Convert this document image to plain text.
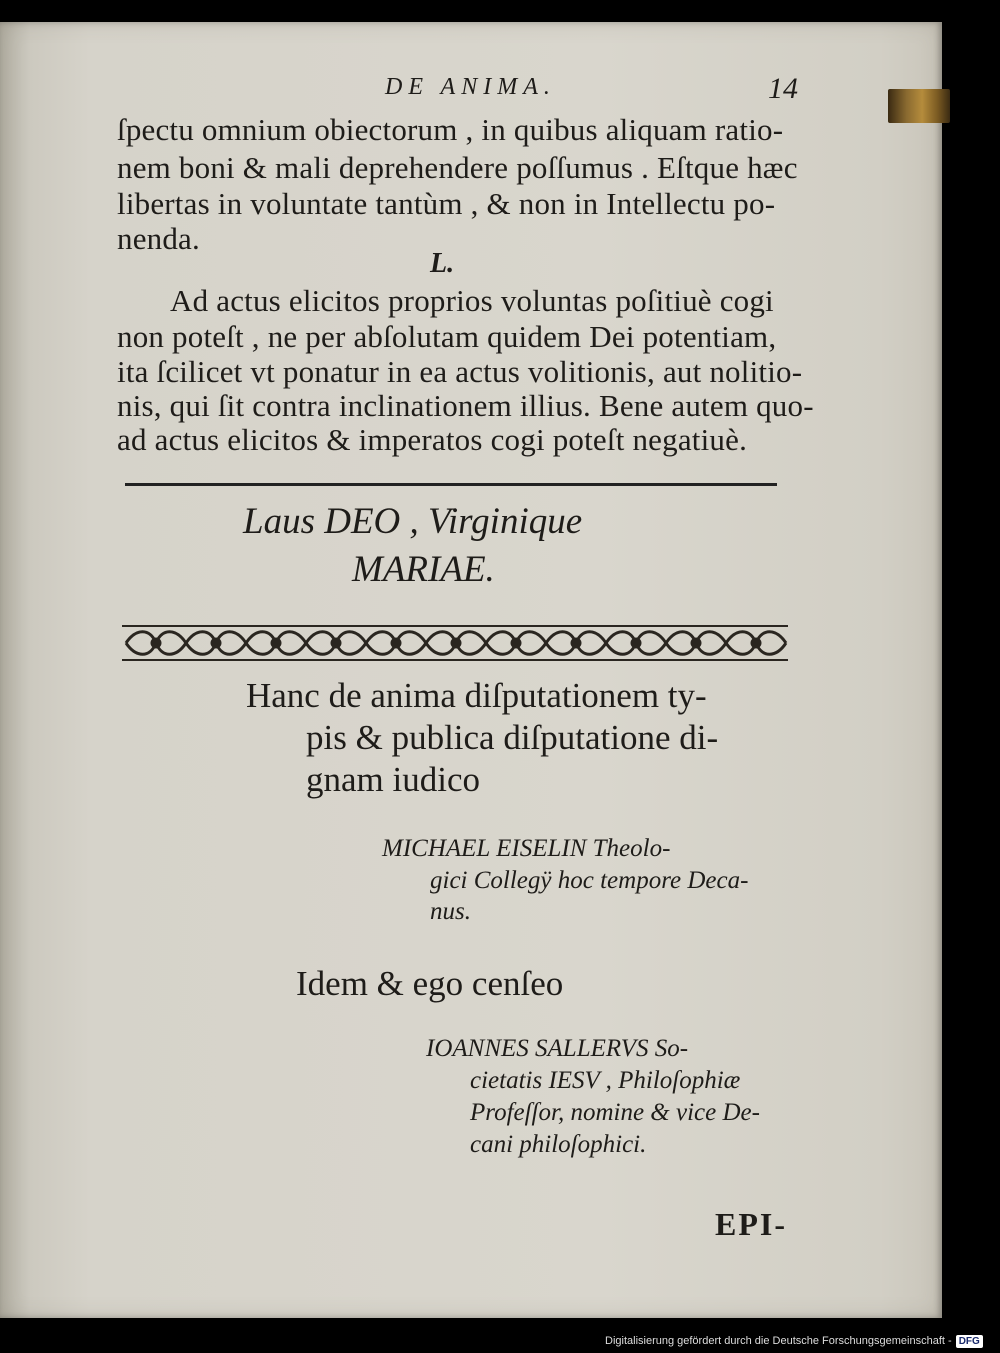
DE ANIMA.	14
ſpectu omnium obiectorum , in quibus aliquam ratio-
nem boni & mali deprehendere poſſumus . Eſtque hæc
libertas in voluntate tantùm , & non in Intellectu po-
nenda.
L.
Ad actus elicitos proprios voluntas poſitiuè cogi
non poteſt , ne per abſolutam quidem Dei potentiam,
ita ſcilicet vt ponatur in ea actus volitionis, aut nolitio-
nis, qui ſit contra inclinationem illius. Bene autem quo-
ad actus elicitos & imperatos cogi poteſt negatiuè.
Laus DEO , Virginique
MARIAE.
Hanc de anima diſputationem ty-
pis & publica diſputatione di-
gnam iudico
MICHAEL EISELIN Theolo-
gici Collegÿ hoc tempore Deca-
nus.
Idem & ego cenſeo
IOANNES SALLERVS So-
cietatis IESV , Philoſophiæ
Profeſſor, nomine & vice De-
cani philoſophici.
EPI-
Digitalisierung gefördert durch die Deutsche Forschungsgemeinschaft - DFG
